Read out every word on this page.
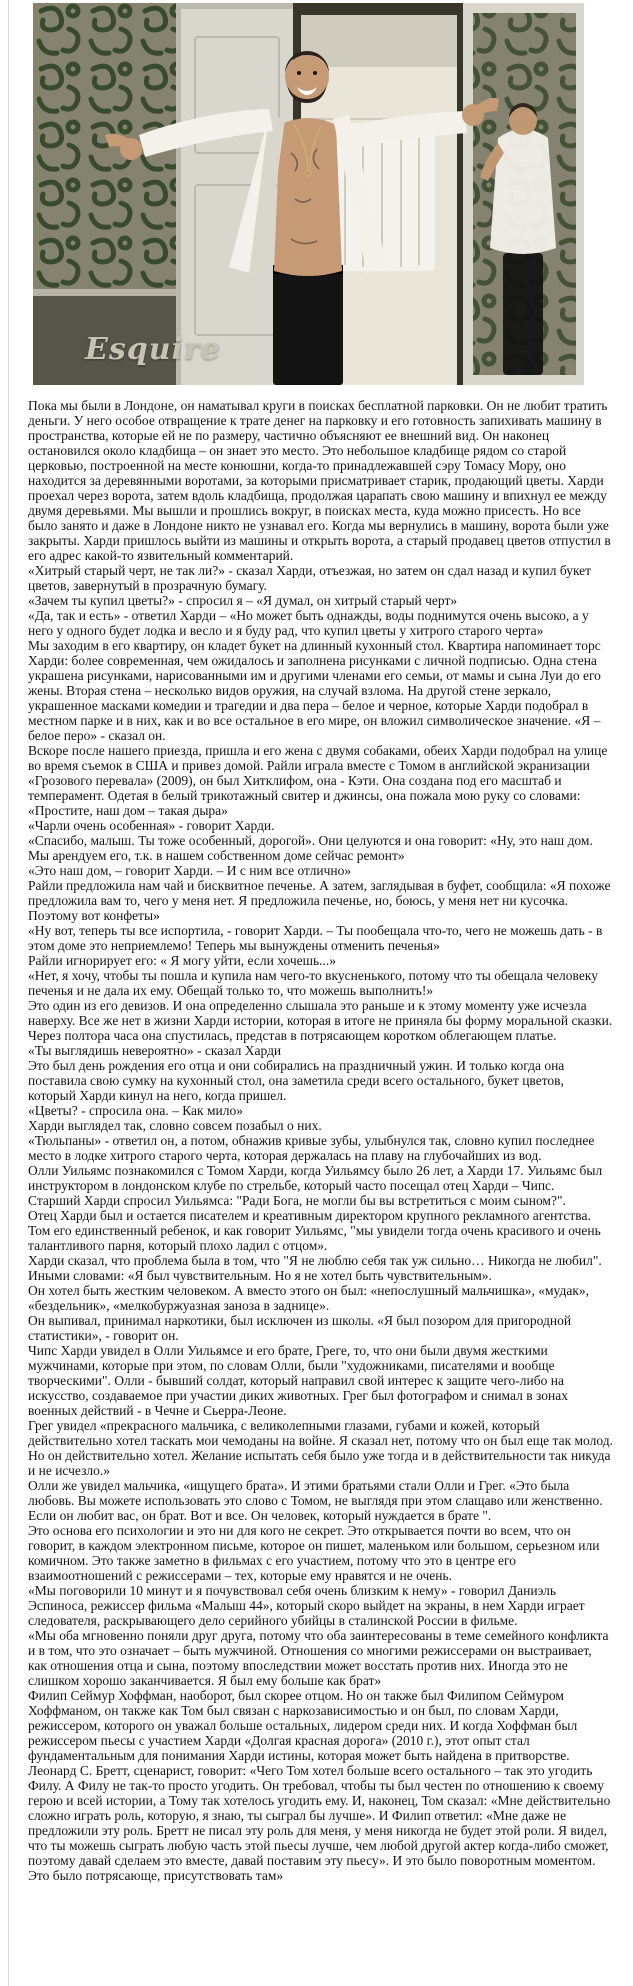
Esquire

Пока мы были в Лондоне, он наматывал круги в поисках бесплатной парковки. Он не любит тратить деньги. У него особое отвращение к трате денег на парковку и его готовность запихивать машину в пространства, которые ей не по размеру, частично объясняют ее внешний вид. Он наконец остановился около кладбища – он знает это место. Это небольшое кладбище рядом со старой церковью, построенной на месте конюшни, когда-то принадлежавшей сэру Томасу Мору, оно находится за деревянными воротами, за которыми присматривает старик, продающий цветы. Харди проехал через ворота, затем вдоль кладбища, продолжая царапать свою машину и впихнул ее между двумя деревьями. Мы вышли и прошлись вокруг, в поисках места, куда можно присесть. Но все было занято и даже в Лондоне никто не узнавал его. Когда мы вернулись в машину, ворота были уже закрыты. Харди пришлось выйти из машины и открыть ворота, а старый продавец цветов отпустил в его адрес какой-то язвительный комментарий.

«Хитрый старый черт, не так ли?» - сказал Харди, отъезжая, но затем он сдал назад и купил букет цветов, завернутый в прозрачную бумагу.

«Зачем ты купил цветы?» - спросил я – «Я думал, он хитрый старый черт»

«Да, так и есть» - ответил Харди – «Но может быть однажды, воды поднимутся очень высоко, а у него у одного будет лодка и весло и я буду рад, что купил цветы у хитрого старого черта»

Мы заходим в его квартиру, он кладет букет на длинный кухонный стол. Квартира напоминает торс Харди: более современная, чем ожидалось и заполнена рисунками с личной подписью. Одна стена украшена рисунками, нарисованными им и другими членами его семьи, от мамы и сына Луи до его жены. Вторая стена – несколько видов оружия, на случай взлома. На другой стене зеркало, украшенное масками комедии и трагедии и два пера – белое и черное, которые Харди подобрал в местном парке и в них, как и во все остальное в его мире, он вложил символическое значение. «Я – белое перо» - сказал он.

Вскоре после нашего приезда, пришла и его жена с двумя собаками, обеих Харди подобрал на улице во время съемок в США и привез домой. Райли играла вместе с Томом в английской экранизации «Грозового перевала» (2009), он был Хитклифом, она - Кэти. Она создана под его масштаб и темперамент. Одетая в белый трикотажный свитер и джинсы, она пожала мою руку со словами: «Простите, наш дом – такая дыра»

«Чарли очень особенная» - говорит Харди.

«Спасибо, малыш. Ты тоже особенный, дорогой». Они целуются и она говорит: «Ну, это наш дом. Мы арендуем его, т.к. в нашем собственном доме сейчас ремонт»

«Это наш дом, – говорит Харди. – И с ним все отлично»

Райли предложила нам чай и бисквитное печенье. А затем, заглядывая в буфет, сообщила: «Я похоже предложила вам то, чего у меня нет. Я предложила печенье, но, боюсь, у меня нет ни кусочка. Поэтому вот конфеты»

«Ну вот, теперь ты все испортила, - говорит Харди. – Ты пообещала что-то, чего не можешь дать - в этом доме это неприемлемо! Теперь мы вынуждены отменить печенья»

Райли игнорирует его: « Я могу уйти, если хочешь...»

«Нет, я хочу, чтобы ты пошла и купила нам чего-то вкусненького, потому что ты обещала человеку печенья и не дала их ему. Обещай только то, что можешь выполнить!»

Это один из его девизов. И она определенно слышала это раньше и к этому моменту уже исчезла наверху. Все же нет в жизни Харди истории, которая в итоге не приняла бы форму моральной сказки. Через полтора часа она спустилась, представ в потрясающем коротком облегающем платье.

«Ты выглядишь невероятно» - сказал Харди

Это был день рождения его отца и они собирались на праздничный ужин. И только когда она поставила свою сумку на кухонный стол, она заметила среди всего остального, букет цветов, который Харди кинул на него, когда пришел.

«Цветы? - спросила она. – Как мило»

Харди выглядел так, словно совсем позабыл о них.

«Тюльпаны» - ответил он, а потом, обнажив кривые зубы, улыбнулся так, словно купил последнее место в лодке хитрого старого черта, которая держалась на плаву на глубочайших из вод.

Олли Уильямс познакомился с Томом Харди, когда Уильямсу было 26 лет, а Харди 17. Уильямс был инструктором в лондонском клубе по стрельбе, который часто посещал отец Харди – Чипс.

Старший Харди спросил Уильямса: "Ради Бога, не могли бы вы встретиться с моим сыном?".

Отец Харди был и остается писателем и креативным директором крупного рекламного агентства.

Том его единственный ребенок, и как говорит Уильямс, "мы увидели тогда очень красивого и очень талантливого парня, который плохо ладил с отцом».

Харди сказал, что проблема была в том, что "Я не люблю себя так уж сильно… Никогда не любил". Иными словами: «Я был чувствительным. Но я не хотел быть чувствительным».

Он хотел быть жестким человеком. А вместо этого он был: «непослушный мальчишка», «мудак», «бездельник», «мелкобуржуазная заноза в заднице».

Он выпивал, принимал наркотики, был исключен из школы. «Я был позором для пригородной статистики», - говорит он.

Чипс Харди увидел в Олли Уильямсе и его брате, Греге, то, что они были двумя жесткими мужчинами, которые при этом, по словам Олли, были "художниками, писателями и вообще творческими". Олли - бывший солдат, который направил свой интерес к защите чего-либо на искусство, создаваемое при участии диких животных. Грег был фотографом и снимал в зонах военных действий - в Чечне и Сьерра-Леоне.

Грег увидел «прекрасного мальчика, с великолепными глазами, губами и кожей, который действительно хотел таскать мои чемоданы на войне. Я сказал нет, потому что он был еще так молод. Но он действительно хотел. Желание испытать себя было уже тогда и в действительности так никуда и не исчезло.»

Олли же увидел мальчика, «ищущего брата». И этими братьями стали Олли и Грег. «Это была любовь. Вы можете использовать это слово с Томом, не выглядя при этом слащаво или женственно. Если он любит вас, он брат. Вот и все. Он человек, который нуждается в брате ".

Это основа его психологии и это ни для кого не секрет. Это открывается почти во всем, что он говорит, в каждом электронном письме, которое он пишет, маленьком или большом, серьезном или комичном. Это также заметно в фильмах с его участием, потому что это в центре его взаимоотношений с режиссерами – тех, которые ему нравятся и не очень.

«Мы поговорили 10 минут и я почувствовал себя очень близким к нему» - говорил Даниэль Эспиноса, режиссер фильма «Малыш 44», который скоро выйдет на экраны, в нем Харди играет следователя, раскрывающего дело серийного убийцы в сталинской России в фильме.

«Мы оба мгновенно поняли друг друга, потому что оба заинтересованы в теме семейного конфликта и в том, что это означает – быть мужчиной. Отношения со многими режиссерами он выстраивает, как отношения отца и сына, поэтому впоследствии может восстать против них. Иногда это не слишком хорошо заканчивается. Я был ему больше как брат»

Филип Сеймур Хоффман, наоборот, был скорее отцом. Но он также был Филипом Сеймуром Хоффманом, он также как Том был связан с наркозависимостью и он был, по словам Харди, режиссером, которого он уважал больше остальных, лидером среди них. И когда Хоффман был режиссером пьесы с участием Харди «Долгая красная дорога» (2010 г.), этот опыт стал фундаментальным для понимания Харди истины, которая может быть найдена в притворстве.

Леонард С. Бретт, сценарист, говорит: «Чего Том хотел больше всего остального – так это угодить Филу. А Филу не так-то просто угодить. Он требовал, чтобы ты был честен по отношению к своему герою и всей истории, а Тому так хотелось угодить ему. И, наконец, Том сказал: «Мне действительно сложно играть роль, которую, я знаю, ты сыграл бы лучше». И Филип ответил: «Мне даже не предложили эту роль. Бретт не писал эту роль для меня, у меня никогда не будет этой роли. Я видел, что ты можешь сыграть любую часть этой пьесы лучше, чем любой другой актер когда-либо сможет, поэтому давай сделаем это вместе, давай поставим эту пьесу». И это было поворотным моментом. Это было потрясающе, присутствовать там»
